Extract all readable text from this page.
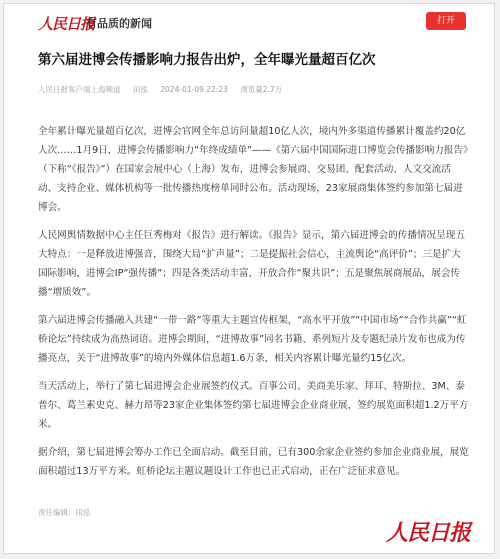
人民日报
有品质的新闻	打开
第六届进博会传播影响力报告出炉，全年曝光量超百亿次
人民日报客户端上海频道 田泓 2024-01-09 22:23 浏览量2.7万

全年累计曝光量超百亿次，进博会官网全年总访问量超10亿人次，境内外多渠道传播累计覆盖约20亿人次……1月9日，进博会传播影响力“年终成绩单”——《第六届中国国际进口博览会传播影响力报告》（下称“《报告》”）在国家会展中心（上海）发布，进博会参展商、交易团、配套活动、人文交流活动、支持企业、媒体机构等一批传播热度榜单同时公布。活动现场，23家展商集体签约参加第七届进博会。

人民网舆情数据中心主任巨秀梅对《报告》进行解读。《报告》显示，第六届进博会的传播情况呈现五大特点：一是释放进博强音，围绕大局“扩声量”；二是提振社会信心，主流舆论“高评价”；三是扩大国际影响，进博会IP“强传播”；四是各类活动丰富，开放合作“聚共识”；五是聚焦展商展品，展会传播“增质效”。

第六届进博会传播融入共建“一带一路”等重大主题宣传框架，“高水平开放”“中国市场”“合作共赢”“虹桥论坛”持续成为高热词语。进博会期间，“进博故事”同名书籍、系列短片及专题纪录片发布也成为传播亮点，关于“进博故事”的境内外媒体信息超1.6万条，相关内容累计曝光量约15亿次。

当天活动上，举行了第七届进博会企业展签约仪式。百事公司、美商美乐家、拜耳、特斯拉、3M、泰普尔、葛兰素史克、赫力昂等23家企业集体签约第七届进博会企业商业展，签约展览面积超1.2万平方米。

据介绍，第七届进博会筹办工作已全面启动。截至目前，已有300余家企业签约参加企业商业展，展览面积超过13万平方米。虹桥论坛主题议题设计工作也已正式启动，正在广泛征求意见。

责任编辑：田泓
人民日报
